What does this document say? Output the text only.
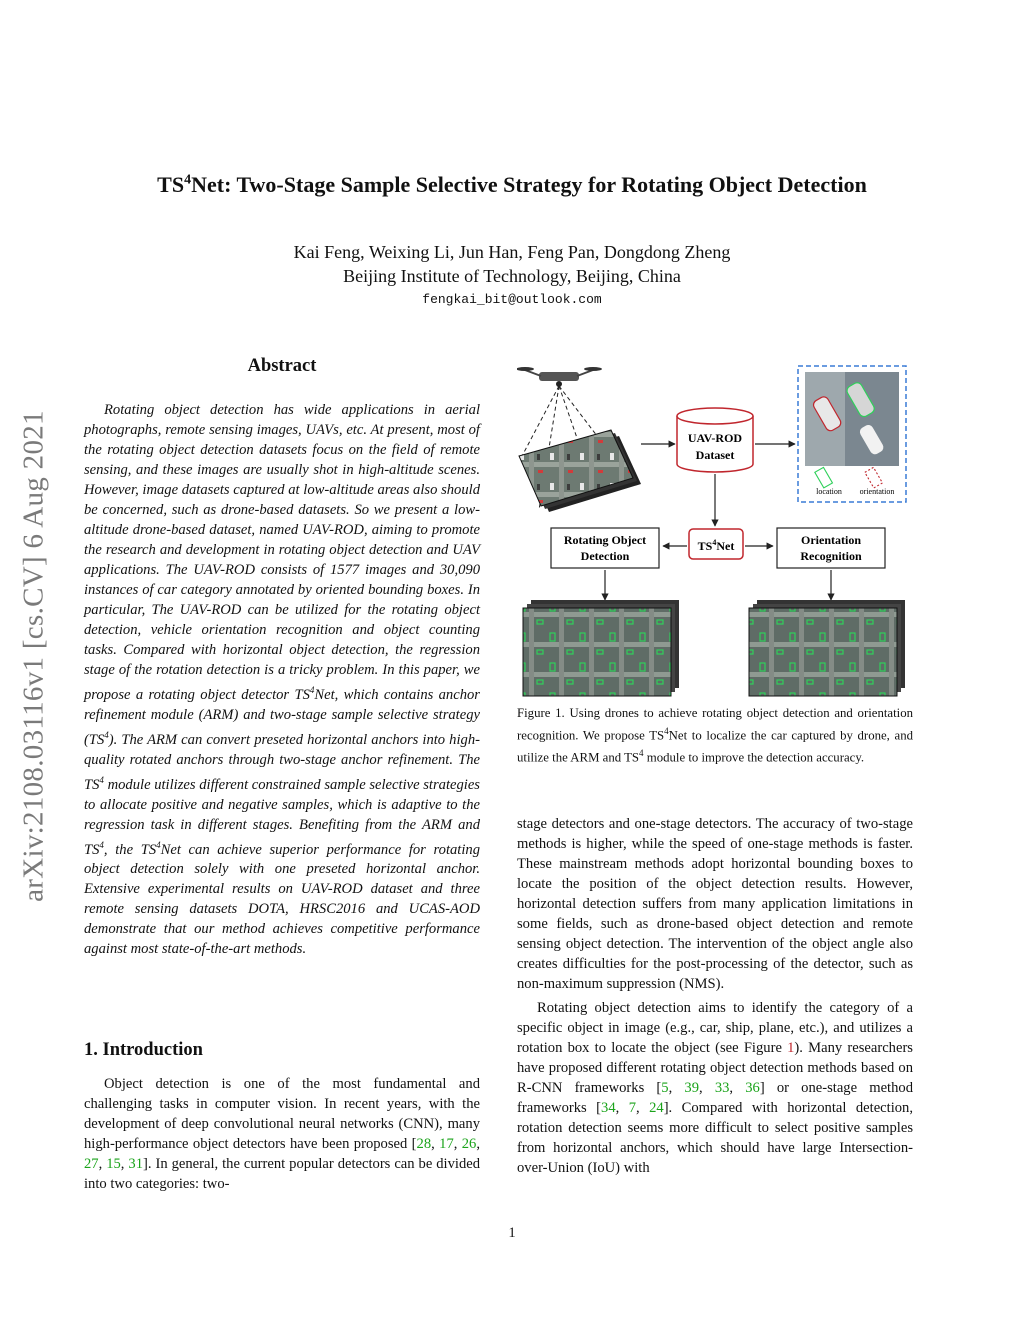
arXiv:2108.03116v1 [cs.CV] 6 Aug 2021
$TS^4Net$: Two-Stage Sample Selective Strategy for Rotating Object Detection
Kai Feng, Weixing Li, Jun Han, Feng Pan, Dongdong Zheng
Beijing Institute of Technology, Beijing, China
fengkai_bit@outlook.com
Abstract

Rotating object detection has wide applications in aerial photographs, remote sensing images, UAVs, etc. At present, most of the rotating object detection datasets focus on the field of remote sensing, and these images are usually shot in high-altitude scenes. However, image datasets captured at low-altitude areas also should be concerned, such as drone-based datasets. So we present a low-altitude drone-based dataset, named UAV-ROD, aiming to promote the research and development in rotating object detection and UAV applications. The UAV-ROD consists of 1577 images and 30,090 instances of car category annotated by oriented bounding boxes. In particular, The UAV-ROD can be utilized for the rotating object detection, vehicle orientation recognition and object counting tasks. Compared with horizontal object detection, the regression stage of the rotation detection is a tricky problem. In this paper, we propose a rotating object detector $TS^4Net$, which contains anchor refinement module (ARM) and two-stage sample selective strategy $(TS^4)$. The ARM can convert preseted horizontal anchors into high-quality rotated anchors through two-stage anchor refinement. The $TS^4$ module utilizes different constrained sample selective strategies to allocate positive and negative samples, which is adaptive to the regression task in different stages. Benefiting from the ARM and $TS^4$, the $TS^4Net$ can achieve superior performance for rotating object detection solely with one preseted horizontal anchor. Extensive experimental results on UAV-ROD dataset and three remote sensing datasets DOTA, HRSC2016 and UCAS-AOD demonstrate that our method achieves competitive performance against most state-of-the-art methods.

1. Introduction

Object detection is one of the most fundamental and challenging tasks in computer vision. In recent years, with the development of deep convolutional neural networks (CNN), many high-performance object detectors have been proposed [28, 17, 26, 27, 15, 31]. In general, the current popular detectors can be divided into two categories: two-

UAV-ROD
Dataset
location orientation
$TS^4Net$
Rotating Object
Detection
Orientation
Recognition
Figure 1. Using drones to achieve rotating object detection and orientation recognition. We propose $TS^4Net$ to localize the car captured by drone, and utilize the ARM and $TS^4$ module to improve the detection accuracy.

stage detectors and one-stage detectors. The accuracy of two-stage methods is higher, while the speed of one-stage methods is faster. These mainstream methods adopt horizontal bounding boxes to locate the position of the object detection results. However, horizontal detection suffers from many application limitations in some fields, such as drone-based object detection and remote sensing object detection. The intervention of the object angle also creates difficulties for the post-processing of the detector, such as non-maximum suppression (NMS).

Rotating object detection aims to identify the category of a specific object in image (e.g., car, ship, plane, etc.), and utilizes a rotation box to locate the object (see Figure 1). Many researchers have proposed different rotating object detection methods based on R-CNN frameworks [5, 39, 33, 36] or one-stage method frameworks [34, 7, 24]. Compared with horizontal detection, rotation detection seems more difficult to select positive samples from horizontal anchors, which should have large Intersection-over-Union (IoU) with

1
